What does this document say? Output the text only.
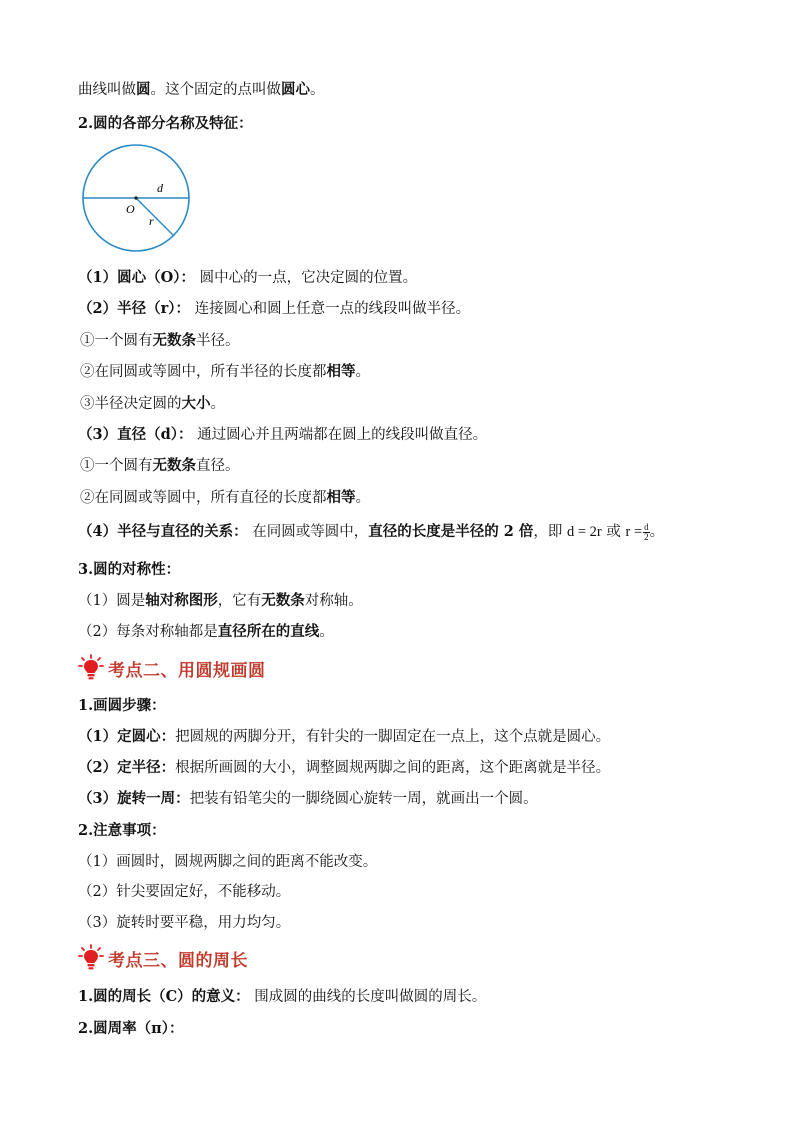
曲线叫做圆。这个固定的点叫做圆心。
2.圆的各部分名称及特征：
O
d
r
（1）圆心（O）： 圆中心的一点，它决定圆的位置。
（2）半径（r）： 连接圆心和圆上任意一点的线段叫做半径。
①一个圆有无数条半径。
②在同圆或等圆中，所有半径的长度都相等。
③半径决定圆的大小。
（3）直径（d）： 通过圆心并且两端都在圆上的线段叫做直径。
①一个圆有无数条直径。
②在同圆或等圆中，所有直径的长度都相等。
（4）半径与直径的关系： 在同圆或等圆中，直径的长度是半径的 2 倍，即 d = 2r 或 $r = \frac{d}{2}$ 。
3.圆的对称性：
（1）圆是轴对称图形，它有无数条对称轴。
（2）每条对称轴都是直径所在的直线。
考点二、用圆规画圆
1.画圆步骤：
（1）定圆心：把圆规的两脚分开，有针尖的一脚固定在一点上，这个点就是圆心。
（2）定半径：根据所画圆的大小，调整圆规两脚之间的距离，这个距离就是半径。
（3）旋转一周：把装有铅笔尖的一脚绕圆心旋转一周，就画出一个圆。
2.注意事项：
（1）画圆时，圆规两脚之间的距离不能改变。
（2）针尖要固定好，不能移动。
（3）旋转时要平稳，用力均匀。
考点三、圆的周长
1.圆的周长（C）的意义： 围成圆的曲线的长度叫做圆的周长。
2.圆周率（π）：
